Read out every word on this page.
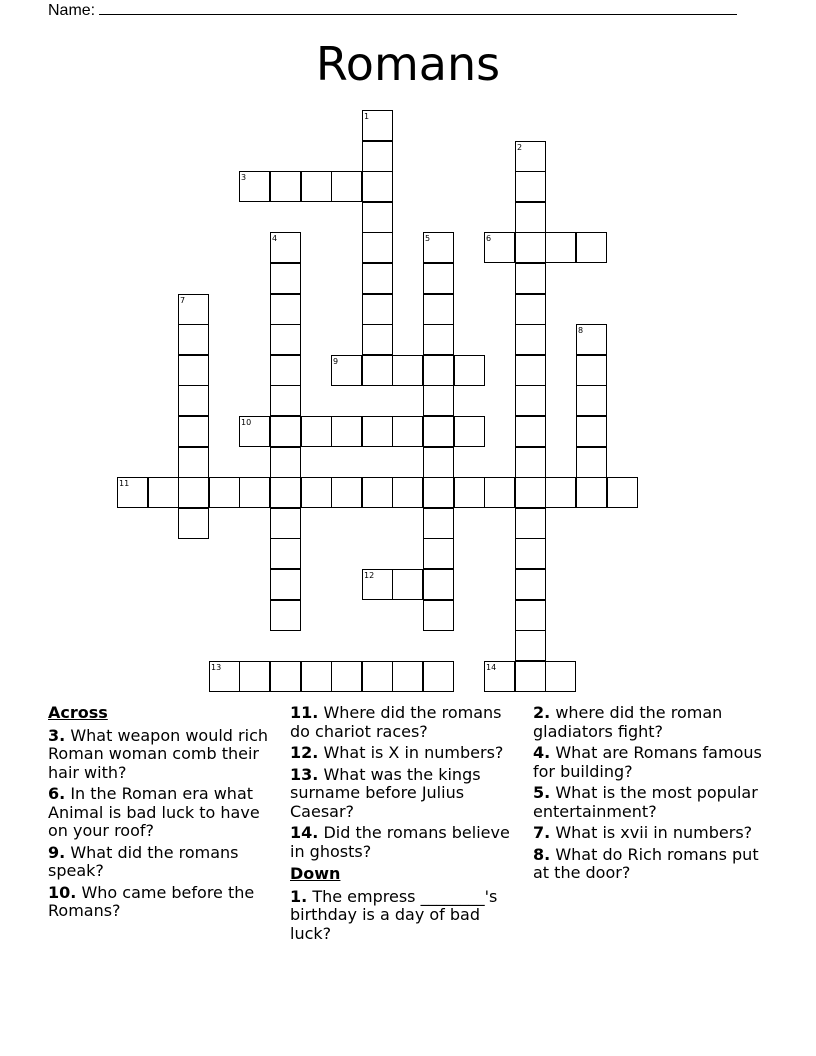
Name:
Romans
1
2
3
4	5	6
7
8
9
10
11
12
13	14
Across
3. What weapon would rich Roman woman comb their hair with?
6. In the Roman era what Animal is bad luck to have on your roof?
9. What did the romans speak?
10. Who came before the Romans?
11. Where did the romans do chariot races?
12. What is X in numbers?
13. What was the kings surname before Julius Caesar?
14. Did the romans believe in ghosts?
Down
1. The empress ________'s birthday is a day of bad luck?
2. where did the roman gladiators fight?
4. What are Romans famous for building?
5. What is the most popular entertainment?
7. What is xvii in numbers?
8. What do Rich romans put at the door?
